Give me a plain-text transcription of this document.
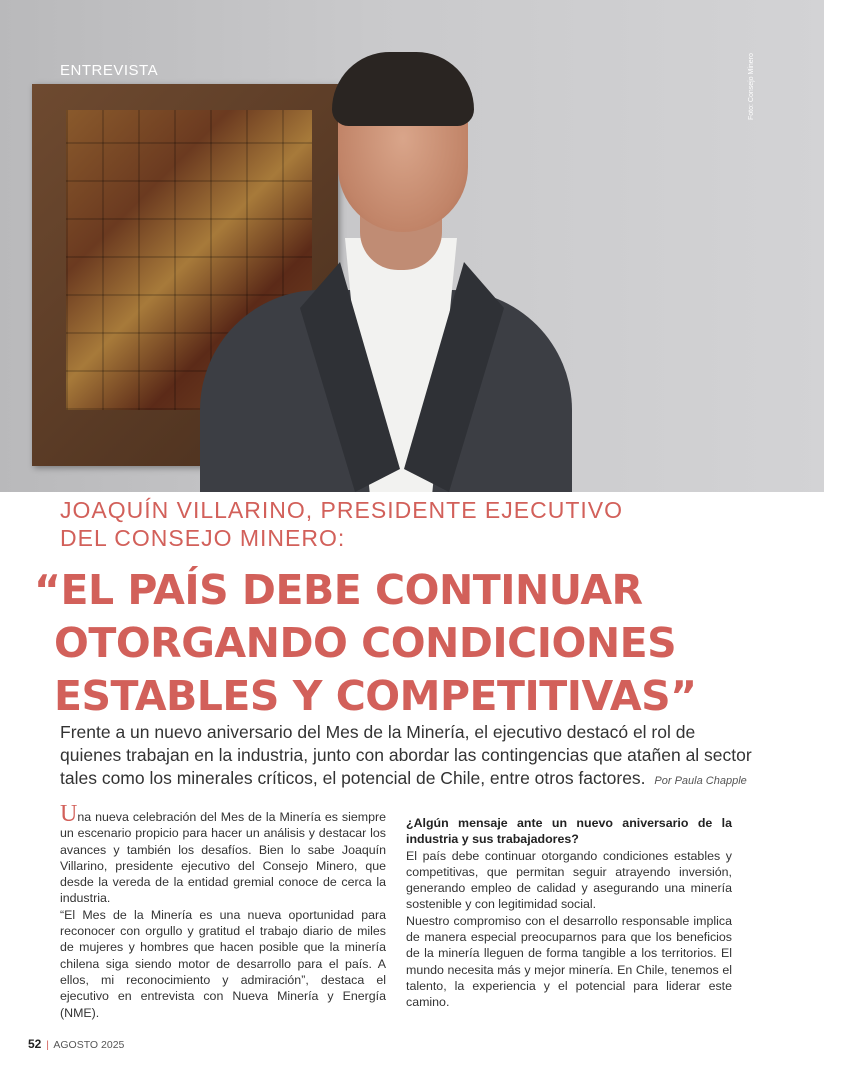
ENTREVISTA	Foto: Consejo Minero
JOAQUÍN VILLARINO, PRESIDENTE EJECUTIVO
DEL CONSEJO MINERO:
“EL PAÍS DEBE CONTINUAR
OTORGANDO CONDICIONES
ESTABLES Y COMPETITIVAS”
Frente a un nuevo aniversario del Mes de la Minería, el ejecutivo destacó el rol de quienes trabajan en la industria, junto con abordar las contingencias que atañen al sector tales como los minerales críticos, el potencial de Chile, entre otros factores. Por Paula Chapple

Una nueva celebración del Mes de la Minería es siempre un escenario propicio para hacer un análisis y destacar los avances y también los desafíos. Bien lo sabe Joaquín Villarino, presidente ejecutivo del Consejo Minero, que desde la vereda de la entidad gremial conoce de cerca la industria.

“El Mes de la Minería es una nueva oportunidad para reconocer con orgullo y gratitud el trabajo diario de miles de mujeres y hombres que hacen posible que la minería chilena siga siendo motor de desarrollo para el país. A ellos, mi reconocimiento y admiración”, destaca el ejecutivo en entrevista con Nueva Minería y Energía (NME).

¿Algún mensaje ante un nuevo aniversario de la industria y sus trabajadores?

El país debe continuar otorgando condiciones estables y competitivas, que permitan seguir atrayendo inversión, generando empleo de calidad y asegurando una minería sostenible y con legitimidad social.

Nuestro compromiso con el desarrollo responsable implica de manera especial preocuparnos para que los beneficios de la minería lleguen de forma tangible a los territorios. El mundo necesita más y mejor minería. En Chile, tenemos el talento, la experiencia y el potencial para liderar este camino.

52 | AGOSTO 2025
